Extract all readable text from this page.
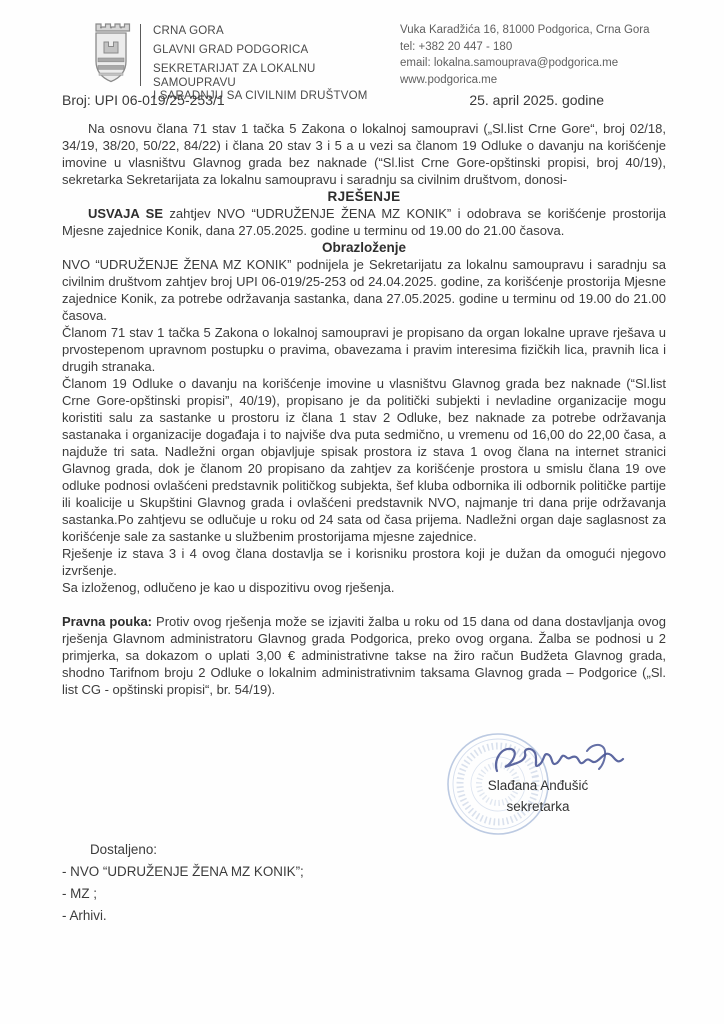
CRNA GORA
GLAVNI GRAD PODGORICA
SEKRETARIJAT ZA LOKALNU SAMOUPRAVU
I SARADNJU SA CIVILNIM DRUŠTVOM
Vuka Karadžića 16, 81000 Podgorica, Crna Gora
tel: +382 20 447 - 180
email: lokalna.samouprava@podgorica.me
www.podgorica.me
Broj: UPI 06-019/25-253/1	25. april 2025. godine

Na osnovu člana 71 stav 1 tačka 5 Zakona o lokalnoj samoupravi („Sl.list Crne Gore“, broj 02/18, 34/19, 38/20, 50/22, 84/22) i člana 20 stav 3 i 5 a u vezi sa članom 19 Odluke o davanju na korišćenje imovine u vlasništvu Glavnog grada bez naknade (“Sl.list Crne Gore-opštinski propisi, broj 40/19), sekretarka Sekretarijata za lokalnu samoupravu i saradnju sa civilnim društvom, donosi-

RJEŠENJE

USVAJA SE zahtjev NVO “UDRUŽENJE ŽENA MZ KONIK” i odobrava se korišćenje prostorija Mjesne zajednice Konik, dana 27.05.2025. godine u terminu od 19.00 do 21.00 časova.

Obrazloženje

NVO “UDRUŽENJE ŽENA MZ KONIK” podnijela je Sekretarijatu za lokalnu samoupravu i saradnju sa civilnim društvom zahtjev broj UPI 06-019/25-253 od 24.04.2025. godine, za korišćenje prostorija Mjesne zajednice Konik, za potrebe održavanja sastanka, dana 27.05.2025. godine u terminu od 19.00 do 21.00 časova.

Članom 71 stav 1 tačka 5 Zakona o lokalnoj samoupravi je propisano da organ lokalne uprave rješava u prvostepenom upravnom postupku o pravima, obavezama i pravim interesima fizičkih lica, pravnih lica i drugih stranaka.

Članom 19 Odluke o davanju na korišćenje imovine u vlasništvu Glavnog grada bez naknade (“Sl.list Crne Gore-opštinski propisi”, 40/19), propisano je da politički subjekti i nevladine organizacije mogu koristiti salu za sastanke u prostoru iz člana 1 stav 2 Odluke, bez naknade za potrebe održavanja sastanaka i organizacije događaja i to najviše dva puta sedmično, u vremenu od 16,00 do 22,00 časa, a najduže tri sata. Nadležni organ objavljuje spisak prostora iz stava 1 ovog člana na internet stranici Glavnog grada, dok je članom 20 propisano da zahtjev za korišćenje prostora u smislu člana 19 ove odluke podnosi ovlašćeni predstavnik političkog subjekta, šef kluba odbornika ili odbornik političke partije ili koalicije u Skupštini Glavnog grada i ovlašćeni predstavnik NVO, najmanje tri dana prije održavanja sastanka.Po zahtjevu se odlučuje u roku od 24 sata od časa prijema. Nadležni organ daje saglasnost za korišćenje sale za sastanke u službenim prostorijama mjesne zajednice.

Rješenje iz stava 3 i 4 ovog člana dostavlja se i korisniku prostora koji je dužan da omogući njegovo izvršenje.

Sa izloženog, odlučeno je kao u dispozitivu ovog rješenja.

Pravna pouka: Protiv ovog rješenja može se izjaviti žalba u roku od 15 dana od dana dostavljanja ovog rješenja Glavnom administratoru Glavnog grada Podgorica, preko ovog organa. Žalba se podnosi u 2 primjerka, sa dokazom o uplati 3,00 € administrativne takse na žiro račun Budžeta Glavnog grada, shodno Tarifnom broju 2 Odluke o lokalnim administrativnim taksama Glavnog grada – Podgorice („Sl. list CG - opštinski propisi“, br. 54/19).

Slađana Anđušić
sekretarka
Dostaljeno:
- NVO “UDRUŽENJE ŽENA MZ KONIK”;
- MZ ;
- Arhivi.
